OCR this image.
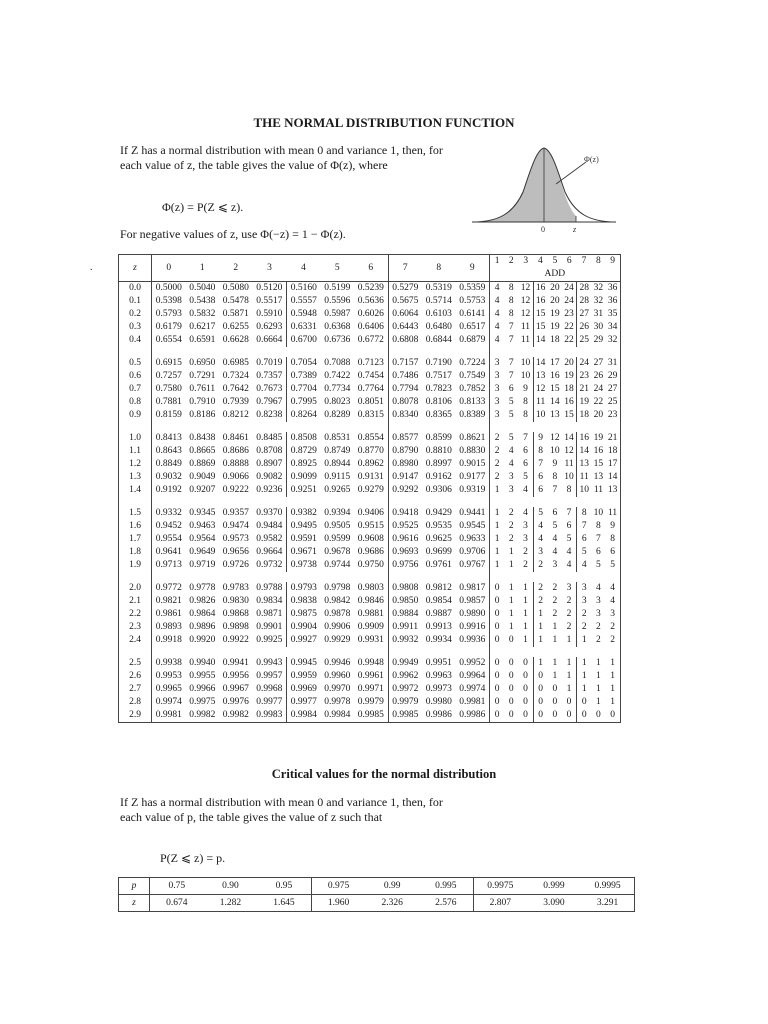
THE NORMAL DISTRIBUTION FUNCTION
If Z has a normal distribution with mean 0 and variance 1, then, for each value of z, the table gives the value of Φ(z), where
Φ(z) = P(Z ⩽ z).
For negative values of z, use Φ(−z) = 1 − Φ(z).
.
Φ(z)
0	z
z	0	1	2	3	4	5	6	7	8	9	1	2	3	4	5	6	7	8	9
											ADD								
0.0	0.5000	0.5040	0.5080	0.5120	0.5160	0.5199	0.5239	0.5279	0.5319	0.5359	4	8	12	16	20	24	28	32	36
0.1	0.5398	0.5438	0.5478	0.5517	0.5557	0.5596	0.5636	0.5675	0.5714	0.5753	4	8	12	16	20	24	28	32	36
0.2	0.5793	0.5832	0.5871	0.5910	0.5948	0.5987	0.6026	0.6064	0.6103	0.6141	4	8	12	15	19	23	27	31	35
0.3	0.6179	0.6217	0.6255	0.6293	0.6331	0.6368	0.6406	0.6443	0.6480	0.6517	4	7	11	15	19	22	26	30	34
0.4	0.6554	0.6591	0.6628	0.6664	0.6700	0.6736	0.6772	0.6808	0.6844	0.6879	4	7	11	14	18	22	25	29	32

0.5	0.6915	0.6950	0.6985	0.7019	0.7054	0.7088	0.7123	0.7157	0.7190	0.7224	3	7	10	14	17	20	24	27	31
0.6	0.7257	0.7291	0.7324	0.7357	0.7389	0.7422	0.7454	0.7486	0.7517	0.7549	3	7	10	13	16	19	23	26	29
0.7	0.7580	0.7611	0.7642	0.7673	0.7704	0.7734	0.7764	0.7794	0.7823	0.7852	3	6	9	12	15	18	21	24	27
0.8	0.7881	0.7910	0.7939	0.7967	0.7995	0.8023	0.8051	0.8078	0.8106	0.8133	3	5	8	11	14	16	19	22	25
0.9	0.8159	0.8186	0.8212	0.8238	0.8264	0.8289	0.8315	0.8340	0.8365	0.8389	3	5	8	10	13	15	18	20	23

1.0	0.8413	0.8438	0.8461	0.8485	0.8508	0.8531	0.8554	0.8577	0.8599	0.8621	2	5	7	9	12	14	16	19	21
1.1	0.8643	0.8665	0.8686	0.8708	0.8729	0.8749	0.8770	0.8790	0.8810	0.8830	2	4	6	8	10	12	14	16	18
1.2	0.8849	0.8869	0.8888	0.8907	0.8925	0.8944	0.8962	0.8980	0.8997	0.9015	2	4	6	7	9	11	13	15	17
1.3	0.9032	0.9049	0.9066	0.9082	0.9099	0.9115	0.9131	0.9147	0.9162	0.9177	2	3	5	6	8	10	11	13	14
1.4	0.9192	0.9207	0.9222	0.9236	0.9251	0.9265	0.9279	0.9292	0.9306	0.9319	1	3	4	6	7	8	10	11	13

1.5	0.9332	0.9345	0.9357	0.9370	0.9382	0.9394	0.9406	0.9418	0.9429	0.9441	1	2	4	5	6	7	8	10	11
1.6	0.9452	0.9463	0.9474	0.9484	0.9495	0.9505	0.9515	0.9525	0.9535	0.9545	1	2	3	4	5	6	7	8	9
1.7	0.9554	0.9564	0.9573	0.9582	0.9591	0.9599	0.9608	0.9616	0.9625	0.9633	1	2	3	4	4	5	6	7	8
1.8	0.9641	0.9649	0.9656	0.9664	0.9671	0.9678	0.9686	0.9693	0.9699	0.9706	1	1	2	3	4	4	5	6	6
1.9	0.9713	0.9719	0.9726	0.9732	0.9738	0.9744	0.9750	0.9756	0.9761	0.9767	1	1	2	2	3	4	4	5	5

2.0	0.9772	0.9778	0.9783	0.9788	0.9793	0.9798	0.9803	0.9808	0.9812	0.9817	0	1	1	2	2	3	3	4	4
2.1	0.9821	0.9826	0.9830	0.9834	0.9838	0.9842	0.9846	0.9850	0.9854	0.9857	0	1	1	2	2	2	3	3	4
2.2	0.9861	0.9864	0.9868	0.9871	0.9875	0.9878	0.9881	0.9884	0.9887	0.9890	0	1	1	1	2	2	2	3	3
2.3	0.9893	0.9896	0.9898	0.9901	0.9904	0.9906	0.9909	0.9911	0.9913	0.9916	0	1	1	1	1	2	2	2	2
2.4	0.9918	0.9920	0.9922	0.9925	0.9927	0.9929	0.9931	0.9932	0.9934	0.9936	0	0	1	1	1	1	1	2	2

2.5	0.9938	0.9940	0.9941	0.9943	0.9945	0.9946	0.9948	0.9949	0.9951	0.9952	0	0	0	1	1	1	1	1	1
2.6	0.9953	0.9955	0.9956	0.9957	0.9959	0.9960	0.9961	0.9962	0.9963	0.9964	0	0	0	0	1	1	1	1	1
2.7	0.9965	0.9966	0.9967	0.9968	0.9969	0.9970	0.9971	0.9972	0.9973	0.9974	0	0	0	0	0	1	1	1	1
2.8	0.9974	0.9975	0.9976	0.9977	0.9977	0.9978	0.9979	0.9979	0.9980	0.9981	0	0	0	0	0	0	0	1	1
2.9	0.9981	0.9982	0.9982	0.9983	0.9984	0.9984	0.9985	0.9985	0.9986	0.9986	0	0	0	0	0	0	0	0	0
Critical values for the normal distribution
If Z has a normal distribution with mean 0 and variance 1, then, for each value of p, the table gives the value of z such that
P(Z ⩽ z) = p.
p	0.75	0.90	0.95	0.975	0.99	0.995	0.9975	0.999	0.9995
z	0.674	1.282	1.645	1.960	2.326	2.576	2.807	3.090	3.291
